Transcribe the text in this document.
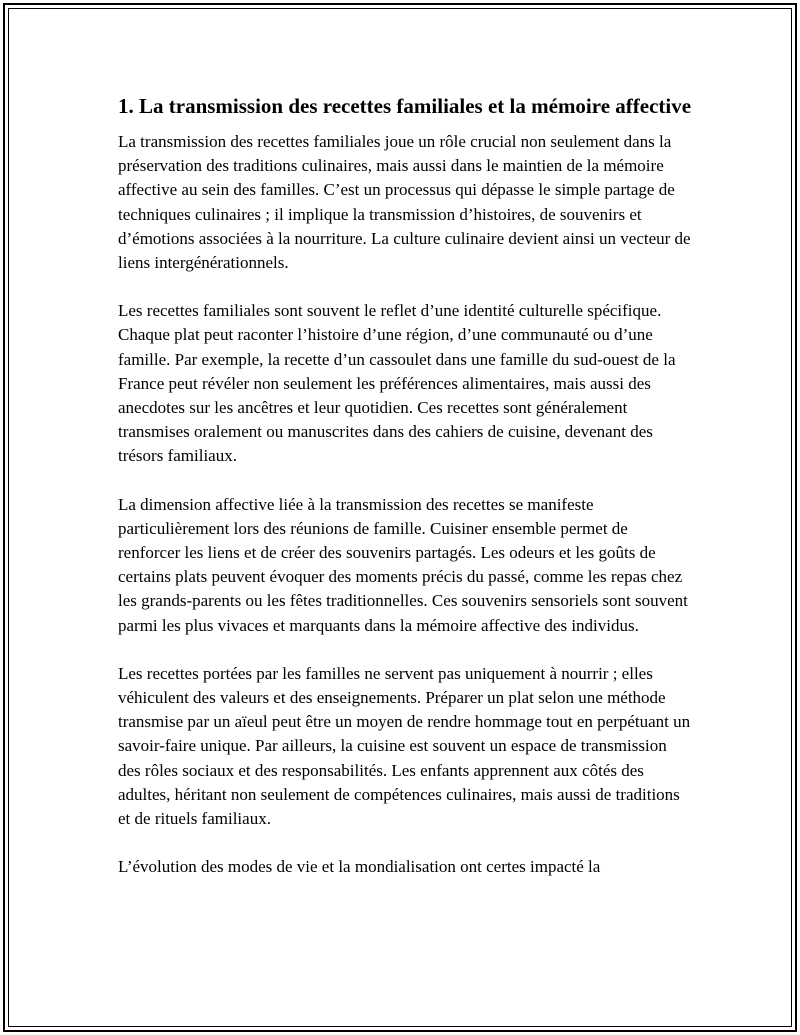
1. La transmission des recettes familiales et la mémoire affective

La transmission des recettes familiales joue un rôle crucial non seulement dans la préservation des traditions culinaires, mais aussi dans le maintien de la mémoire affective au sein des familles. C’est un processus qui dépasse le simple partage de techniques culinaires ; il implique la transmission d’histoires, de souvenirs et d’émotions associées à la nourriture. La culture culinaire devient ainsi un vecteur de liens intergénérationnels.

Les recettes familiales sont souvent le reflet d’une identité culturelle spécifique. Chaque plat peut raconter l’histoire d’une région, d’une communauté ou d’une famille. Par exemple, la recette d’un cassoulet dans une famille du sud-ouest de la France peut révéler non seulement les préférences alimentaires, mais aussi des anecdotes sur les ancêtres et leur quotidien. Ces recettes sont généralement transmises oralement ou manuscrites dans des cahiers de cuisine, devenant des trésors familiaux.

La dimension affective liée à la transmission des recettes se manifeste particulièrement lors des réunions de famille. Cuisiner ensemble permet de renforcer les liens et de créer des souvenirs partagés. Les odeurs et les goûts de certains plats peuvent évoquer des moments précis du passé, comme les repas chez les grands-parents ou les fêtes traditionnelles. Ces souvenirs sensoriels sont souvent parmi les plus vivaces et marquants dans la mémoire affective des individus.

Les recettes portées par les familles ne servent pas uniquement à nourrir ; elles véhiculent des valeurs et des enseignements. Préparer un plat selon une méthode transmise par un aïeul peut être un moyen de rendre hommage tout en perpétuant un savoir-faire unique. Par ailleurs, la cuisine est souvent un espace de transmission des rôles sociaux et des responsabilités. Les enfants apprennent aux côtés des adultes, héritant non seulement de compétences culinaires, mais aussi de traditions et de rituels familiaux.

L’évolution des modes de vie et la mondialisation ont certes impacté la
